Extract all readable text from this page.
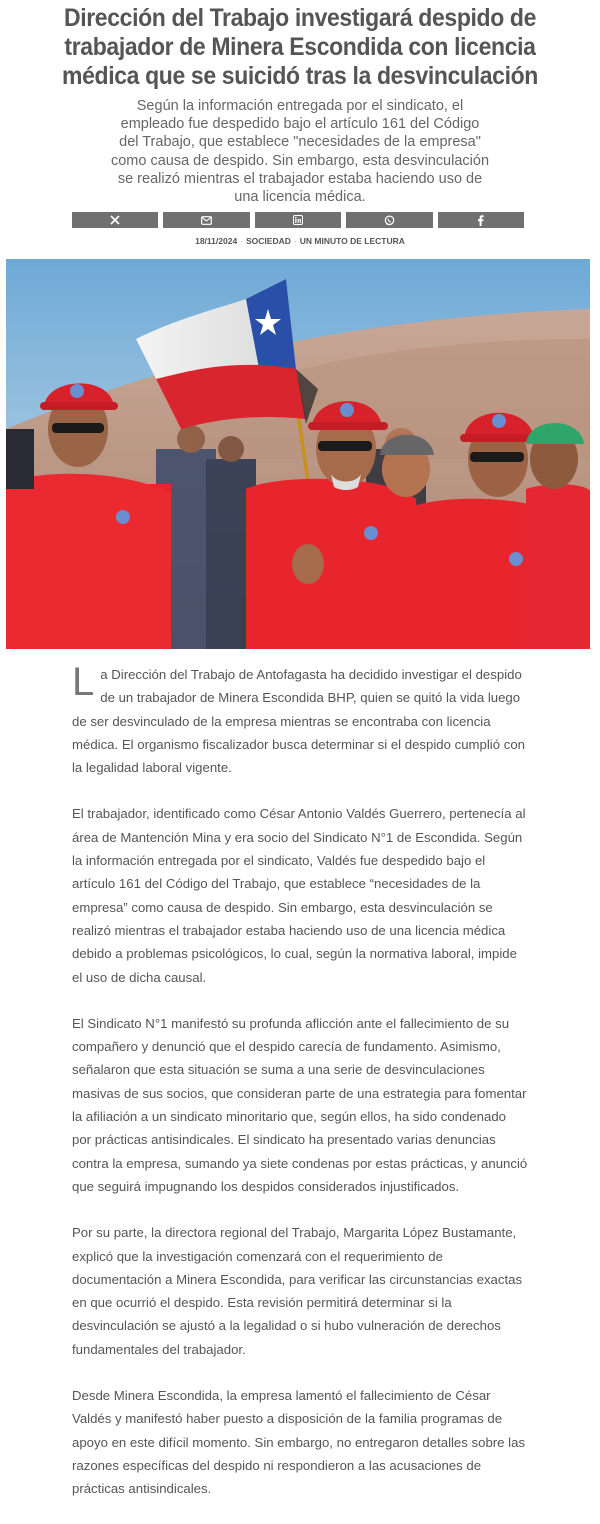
Dirección del Trabajo investigará despido de trabajador de Minera Escondida con licencia médica que se suicidó tras la desvinculación

Según la información entregada por el sindicato, el empleado fue despedido bajo el artículo 161 del Código del Trabajo, que establece "necesidades de la empresa" como causa de despido. Sin embargo, esta desvinculación se realizó mientras el trabajador estaba haciendo uso de una licencia médica.

18/11/2024 · SOCIEDAD · UN MINUTO DE LECTURA

La Dirección del Trabajo de Antofagasta ha decidido investigar el despido de un trabajador de Minera Escondida BHP, quien se quitó la vida luego de ser desvinculado de la empresa mientras se encontraba con licencia médica. El organismo fiscalizador busca determinar si el despido cumplió con la legalidad laboral vigente.

El trabajador, identificado como César Antonio Valdés Guerrero, pertenecía al área de Mantención Mina y era socio del Sindicato N°1 de Escondida. Según la información entregada por el sindicato, Valdés fue despedido bajo el artículo 161 del Código del Trabajo, que establece “necesidades de la empresa” como causa de despido. Sin embargo, esta desvinculación se realizó mientras el trabajador estaba haciendo uso de una licencia médica debido a problemas psicológicos, lo cual, según la normativa laboral, impide el uso de dicha causal.

El Sindicato N°1 manifestó su profunda aflicción ante el fallecimiento de su compañero y denunció que el despido carecía de fundamento. Asimismo, señalaron que esta situación se suma a una serie de desvinculaciones masivas de sus socios, que consideran parte de una estrategia para fomentar la afiliación a un sindicato minoritario que, según ellos, ha sido condenado por prácticas antisindicales. El sindicato ha presentado varias denuncias contra la empresa, sumando ya siete condenas por estas prácticas, y anunció que seguirá impugnando los despidos considerados injustificados.

Por su parte, la directora regional del Trabajo, Margarita López Bustamante, explicó que la investigación comenzará con el requerimiento de documentación a Minera Escondida, para verificar las circunstancias exactas en que ocurrió el despido. Esta revisión permitirá determinar si la desvinculación se ajustó a la legalidad o si hubo vulneración de derechos fundamentales del trabajador.

Desde Minera Escondida, la empresa lamentó el fallecimiento de César Valdés y manifestó haber puesto a disposición de la familia programas de apoyo en este difícil momento. Sin embargo, no entregaron detalles sobre las razones específicas del despido ni respondieron a las acusaciones de prácticas antisindicales.
